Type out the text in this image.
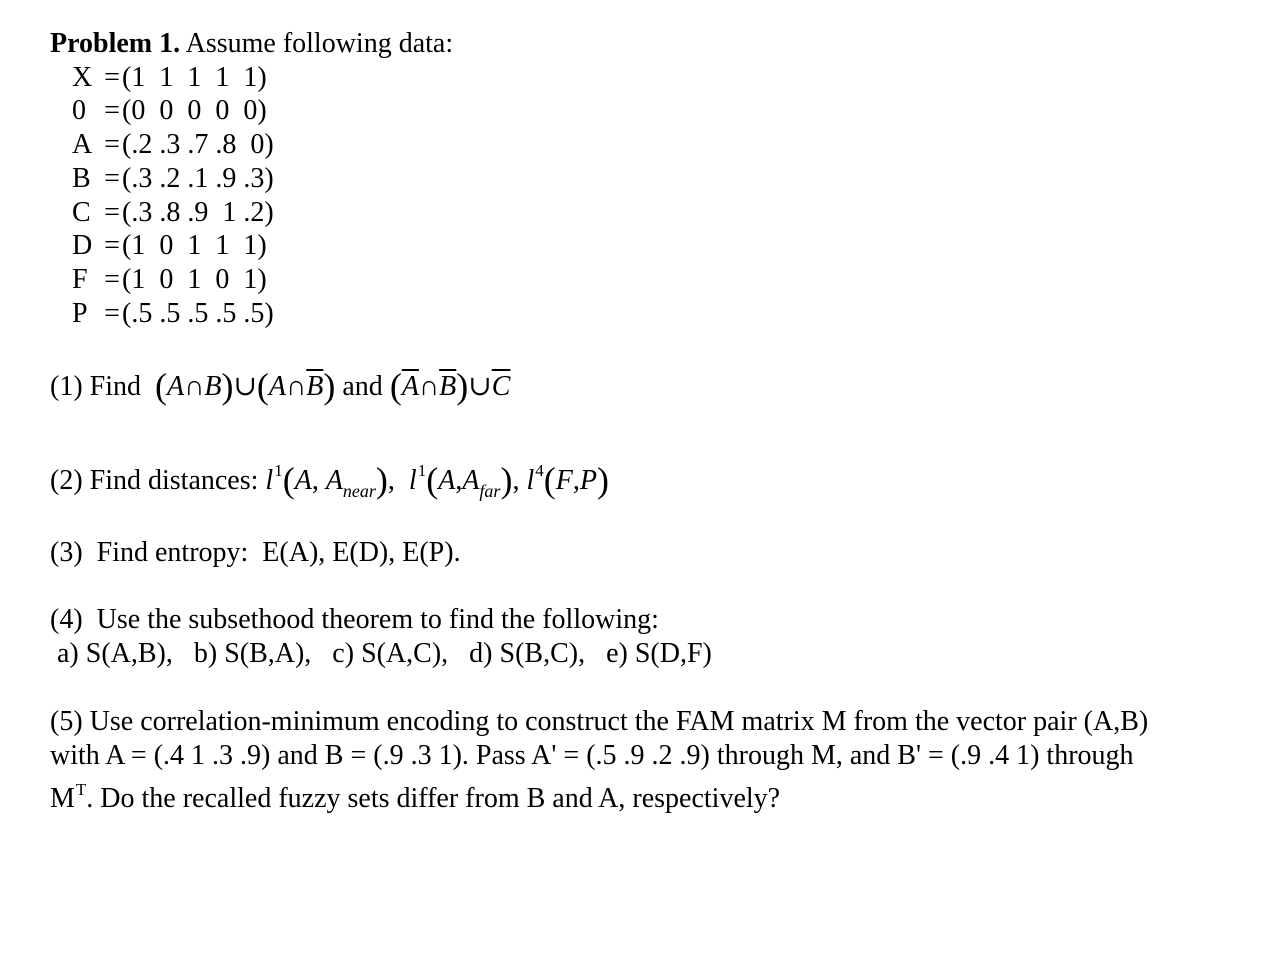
Problem 1. Assume following data:
X =(1  1  1  1  1)
0 =(0  0  0  0  0)
A =(.2 .3 .7 .8  0)
B =(.3 .2 .1 .9 .3)
C =(.3 .8 .9  1 .2)
D =(1  0  1  1  1)
F =(1  0  1  0  1)
P =(.5 .5 .5 .5 .5)
(1) Find $(A\cap B)\cup(A\cap\overline{B})$ and $(\overline{A}\cap\overline{B})\cup\overline{C}$
(2) Find distances: $l^1(A$, $A_{near}$), $l^1(A,A_{far})$, $l^4(F,P)$
(3)  Find entropy:  E(A), E(D), E(P).
(4)  Use the subsethood theorem to find the following:
a) S(A,B),   b) S(B,A),   c) S(A,C),   d) S(B,C),   e) S(D,F)
(5) Use correlation-minimum encoding to construct the FAM matrix M from the vector pair (A,B)
with A = (.4 1 .3 .9) and B = (.9 .3 1). Pass A' = (.5 .9 .2 .9) through M, and B' = (.9 .4 1) through
$M^T$. Do the recalled fuzzy sets differ from B and A, respectively?
